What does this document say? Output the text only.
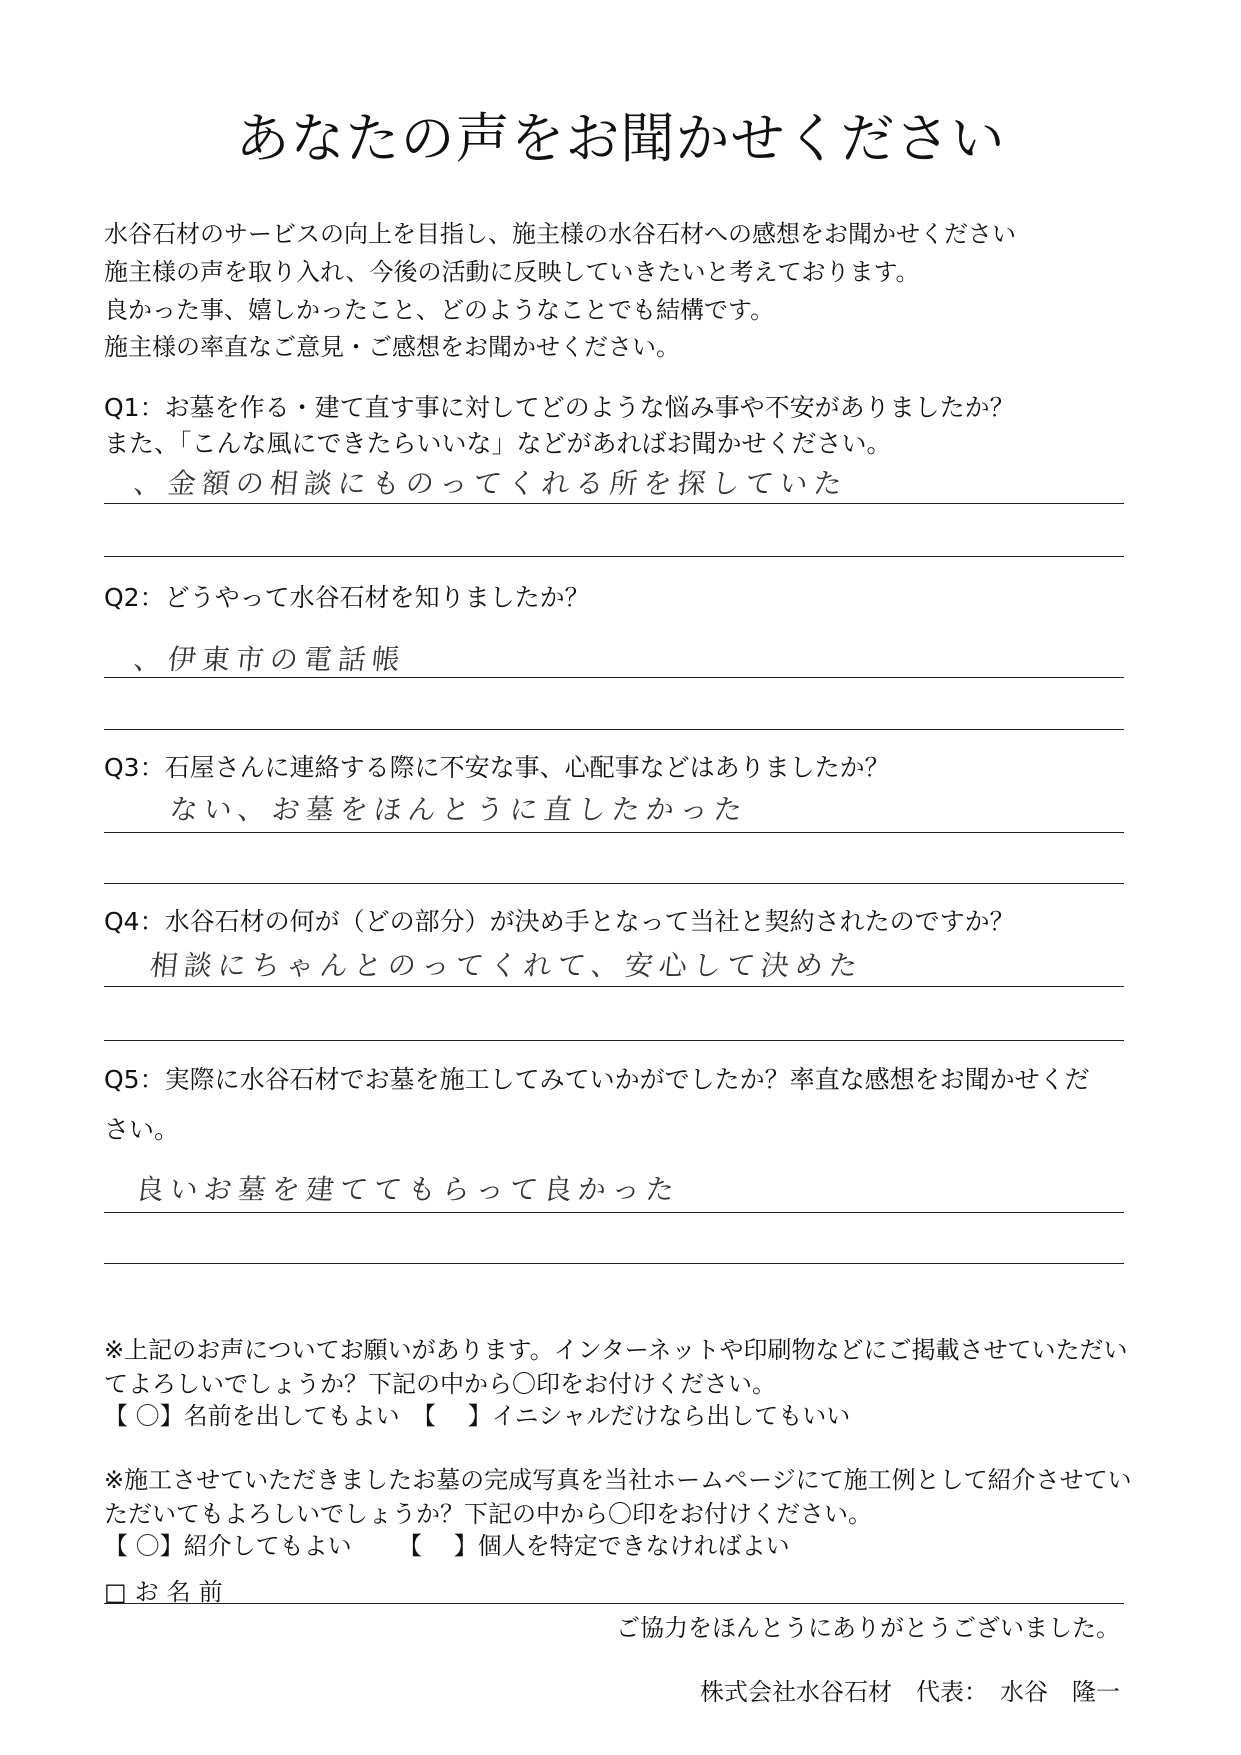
あなたの声をお聞かせください
水谷石材のサービスの向上を目指し、施主様の水谷石材への感想をお聞かせください
施主様の声を取り入れ、今後の活動に反映していきたいと考えております。
良かった事、嬉しかったこと、どのようなことでも結構です。
施主様の率直なご意見・ご感想をお聞かせください。
Q1：お墓を作る・建て直す事に対してどのような悩み事や不安がありましたか？
また、「こんな風にできたらいいな」などがあればお聞かせください。
、金額の相談にものってくれる所を探していた
Q2：どうやって水谷石材を知りましたか？
、伊東市の電話帳
Q3：石屋さんに連絡する際に不安な事、心配事などはありましたか？
ない、お墓をほんとうに直したかった
Q4：水谷石材の何が（どの部分）が決め手となって当社と契約されたのですか？
相談にちゃんとのってくれて、安心して決めた
Q5：実際に水谷石材でお墓を施工してみていかがでしたか？率直な感想をお聞かせくだ
さい。
良いお墓を建ててもらって良かった
※上記のお声についてお願いがあります。インターネットや印刷物などにご掲載させていただい
てよろしいでしょうか？下記の中から〇印をお付けください。
【 〇】名前を出してもよい 【　 】イニシャルだけなら出してもいい
※施工させていただきましたお墓の完成写真を当社ホームページにて施工例として紹介させてい
ただいてもよろしいでしょうか？下記の中から〇印をお付けください。
【 〇】紹介してもよい 【　 】個人を特定できなければよい
□お名前
ご協力をほんとうにありがとうございました。
株式会社水谷石材　代表：　水谷　隆一
